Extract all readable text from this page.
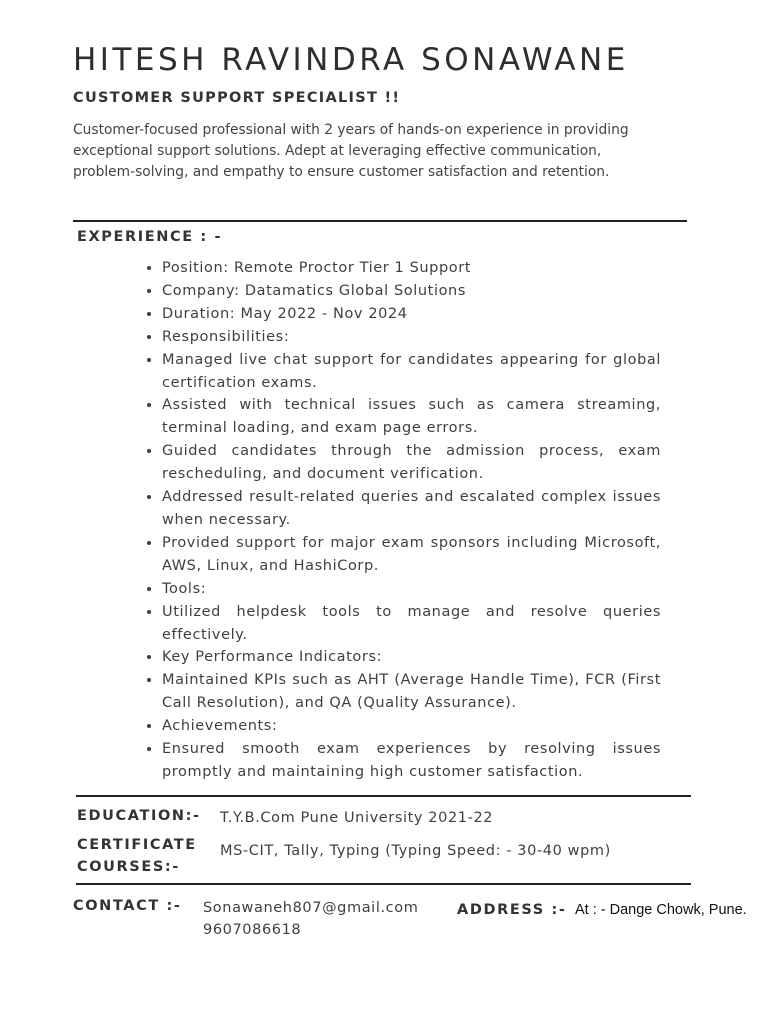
HITESH RAVINDRA SONAWANE
CUSTOMER SUPPORT SPECIALIST !!

Customer-focused professional with 2 years of hands-on experience in providing exceptional support solutions. Adept at leveraging effective communication, problem-solving, and empathy to ensure customer satisfaction and retention.

EXPERIENCE : -
• Position: Remote Proctor Tier 1 Support
• Company: Datamatics Global Solutions
• Duration: May 2022 - Nov 2024
• Responsibilities:
• Managed live chat support for candidates appearing for global certification exams.
• Assisted with technical issues such as camera streaming, terminal loading, and exam page errors.
• Guided candidates through the admission process, exam rescheduling, and document verification.
• Addressed result-related queries and escalated complex issues when necessary.
• Provided support for major exam sponsors including Microsoft, AWS, Linux, and HashiCorp.
• Tools:
• Utilized helpdesk tools to manage and resolve queries effectively.
• Key Performance Indicators:
• Maintained KPIs such as AHT (Average Handle Time), FCR (First Call Resolution), and QA (Quality Assurance).
• Achievements:
• Ensured smooth exam experiences by resolving issues promptly and maintaining high customer satisfaction.
EDUCATION:- T.Y.B.Com Pune University 2021-22
CERTIFICATE
COURSES:-
MS-CIT, Tally, Typing (Typing Speed: - 30-40 wpm)
CONTACT :- Sonawaneh807@gmail.com
9607086618
ADDRESS :- At : - Dange Chowk, Pune.
